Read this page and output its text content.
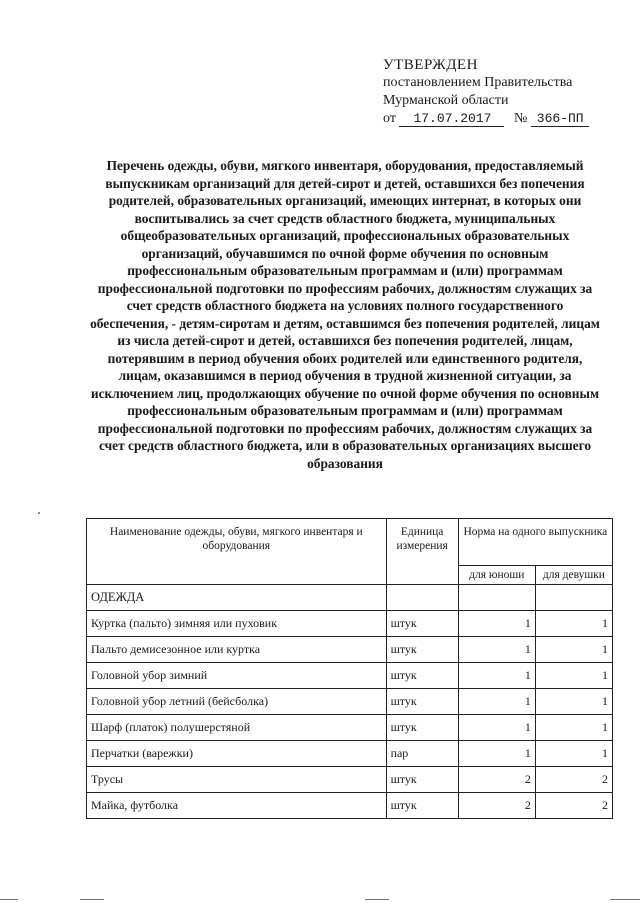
УТВЕРЖДЕН
постановлением Правительства
Мурманской области
от 17.07.2017 № 366-ПП
Перечень одежды, обуви, мягкого инвентаря, оборудования, предоставляемый выпускникам организаций для детей-сирот и детей, оставшихся без попечения родителей, образовательных организаций, имеющих интернат, в которых они воспитывались за счет средств областного бюджета, муниципальных общеобразовательных организаций, профессиональных образовательных организаций, обучавшимся по очной форме обучения по основным профессиональным образовательным программам и (или) программам профессиональной подготовки по профессиям рабочих, должностям служащих за счет средств областного бюджета на условиях полного государственного обеспечения, - детям-сиротам и детям, оставшимся без попечения родителей, лицам из числа детей-сирот и детей, оставшихся без попечения родителей, лицам, потерявшим в период обучения обоих родителей или единственного родителя, лицам, оказавшимся в период обучения в трудной жизненной ситуации, за исключением лиц, продолжающих обучение по очной форме обучения по основным профессиональным образовательным программам и (или) программам профессиональной подготовки по профессиям рабочих, должностям служащих за счет средств областного бюджета, или в образовательных организациях высшего образования
Наименование одежды, обуви, мягкого инвентаря и оборудования	Единица измерения	Норма на одного выпускника	
		для юноши	для девушки
ОДЕЖДА			
Куртка (пальто) зимняя или пуховик	штук	1	1
Пальто демисезонное или куртка	штук	1	1
Головной убор зимний	штук	1	1
Головной убор летний (бейсболка)	штук	1	1
Шарф (платок) полушерстяной	штук	1	1
Перчатки (варежки)	пар	1	1
Трусы	штук	2	2
Майка, футболка	штук	2	2
